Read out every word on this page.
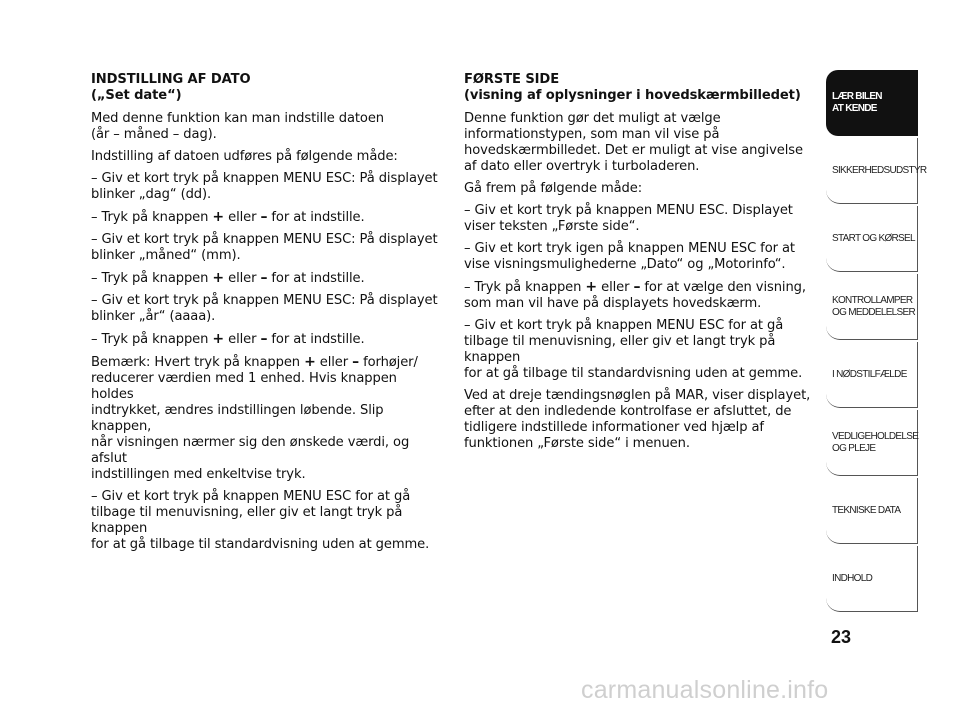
INDSTILLING AF DATO
(„Set date“)

Med denne funktion kan man indstille datoen
(år – måned – dag).

Indstilling af datoen udføres på følgende måde:

– Giv et kort tryk på knappen MENU ESC: På displayet
blinker „dag“ (dd).

– Tryk på knappen + eller – for at indstille.

– Giv et kort tryk på knappen MENU ESC: På displayet
blinker „måned“ (mm).

– Tryk på knappen + eller – for at indstille.

– Giv et kort tryk på knappen MENU ESC: På displayet
blinker „år“ (aaaa).

– Tryk på knappen + eller – for at indstille.

Bemærk: Hvert tryk på knappen + eller – forhøjer/
reducerer værdien med 1 enhed. Hvis knappen holdes
indtrykket, ændres indstillingen løbende. Slip knappen,
når visningen nærmer sig den ønskede værdi, og afslut
indstillingen med enkeltvise tryk.

– Giv et kort tryk på knappen MENU ESC for at gå
tilbage til menuvisning, eller giv et langt tryk på knappen
for at gå tilbage til standardvisning uden at gemme.

FØRSTE SIDE
(visning af oplysninger i hovedskærmbilledet)

Denne funktion gør det muligt at vælge
informationstypen, som man vil vise på
hovedskærmbilledet. Det er muligt at vise angivelse
af dato eller overtryk i turboladeren.

Gå frem på følgende måde:

– Giv et kort tryk på knappen MENU ESC. Displayet
viser teksten „Første side“.

– Giv et kort tryk igen på knappen MENU ESC for at
vise visningsmulighederne „Dato“ og „Motorinfo“.

– Tryk på knappen + eller – for at vælge den visning,
som man vil have på displayets hovedskærm.

– Giv et kort tryk på knappen MENU ESC for at gå
tilbage til menuvisning, eller giv et langt tryk på knappen
for at gå tilbage til standardvisning uden at gemme.

Ved at dreje tændingsnøglen på MAR, viser displayet,
efter at den indledende kontrolfase er afsluttet, de
tidligere indstillede informationer ved hjælp af
funktionen „Første side“ i menuen.

LÆR BILEN
AT KENDE
SIKKERHEDSUDSTYR
START OG KØRSEL
KONTROLLAMPER
OG MEDDELELSER
I NØDSTILFÆLDE
VEDLIGEHOLDELSE
OG PLEJE
TEKNISKE DATA
INDHOLD
23
carmanualsonline.info
